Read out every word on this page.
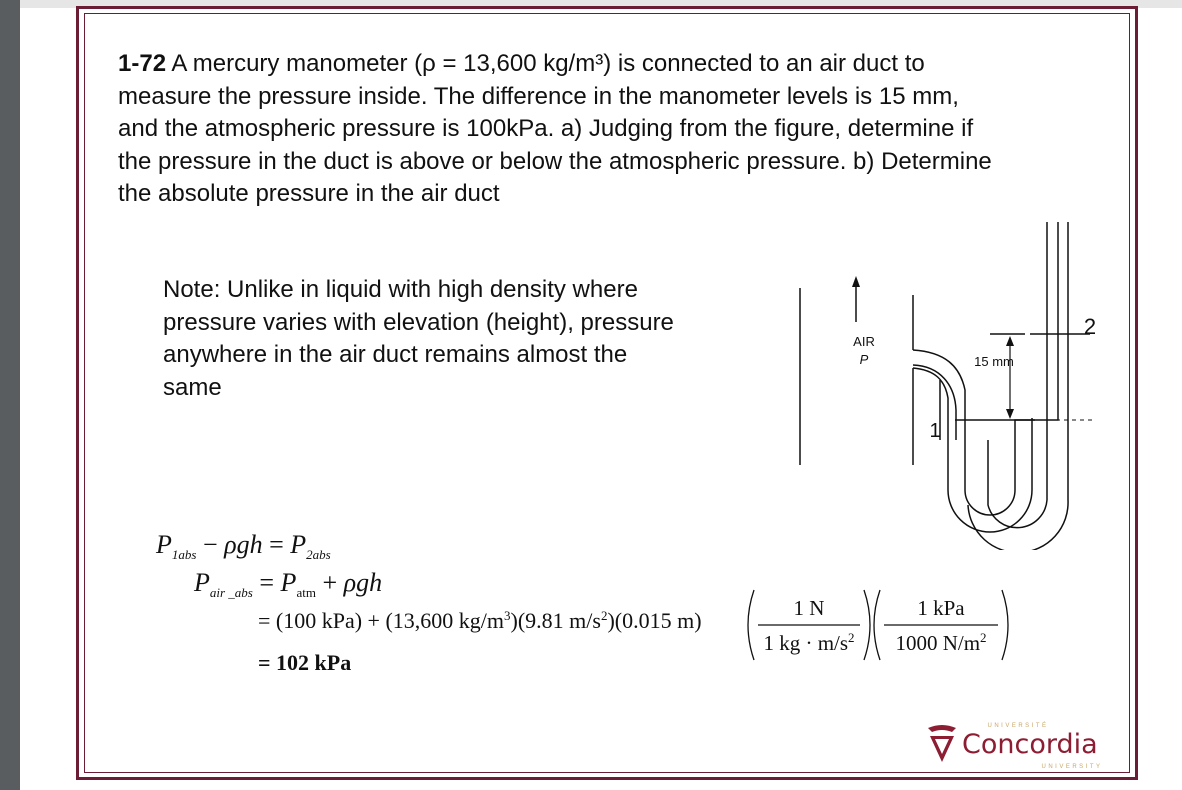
1-72 A mercury manometer (ρ = 13,600 kg/m³) is connected to an air duct to
measure the pressure inside. The difference in the manometer levels is 15 mm,
and the atmospheric pressure is 100kPa. a) Judging from the figure, determine if
the pressure in the duct is above or below the atmospheric pressure. b) Determine
the absolute pressure in the air duct

Note: Unlike in liquid with high density where
pressure varies with elevation (height), pressure
anywhere in the air duct remains almost the
same

AIR
P	15 mm
1
2
$P_{1abs} - \rho gh = P_{2abs}$
$P_{air \_abs} = P_{atm} + \rho gh$
= (100 kPa) + (13,600 $kg/m^3)(9.81$ $m/s^2)(0.015$ m)	1 N
1 kg · $m/s^2$
1 kPa
1000 $N/m^2$
= 102 kPa
UNIVERSITÉ
Concordia
UNIVERSITY
